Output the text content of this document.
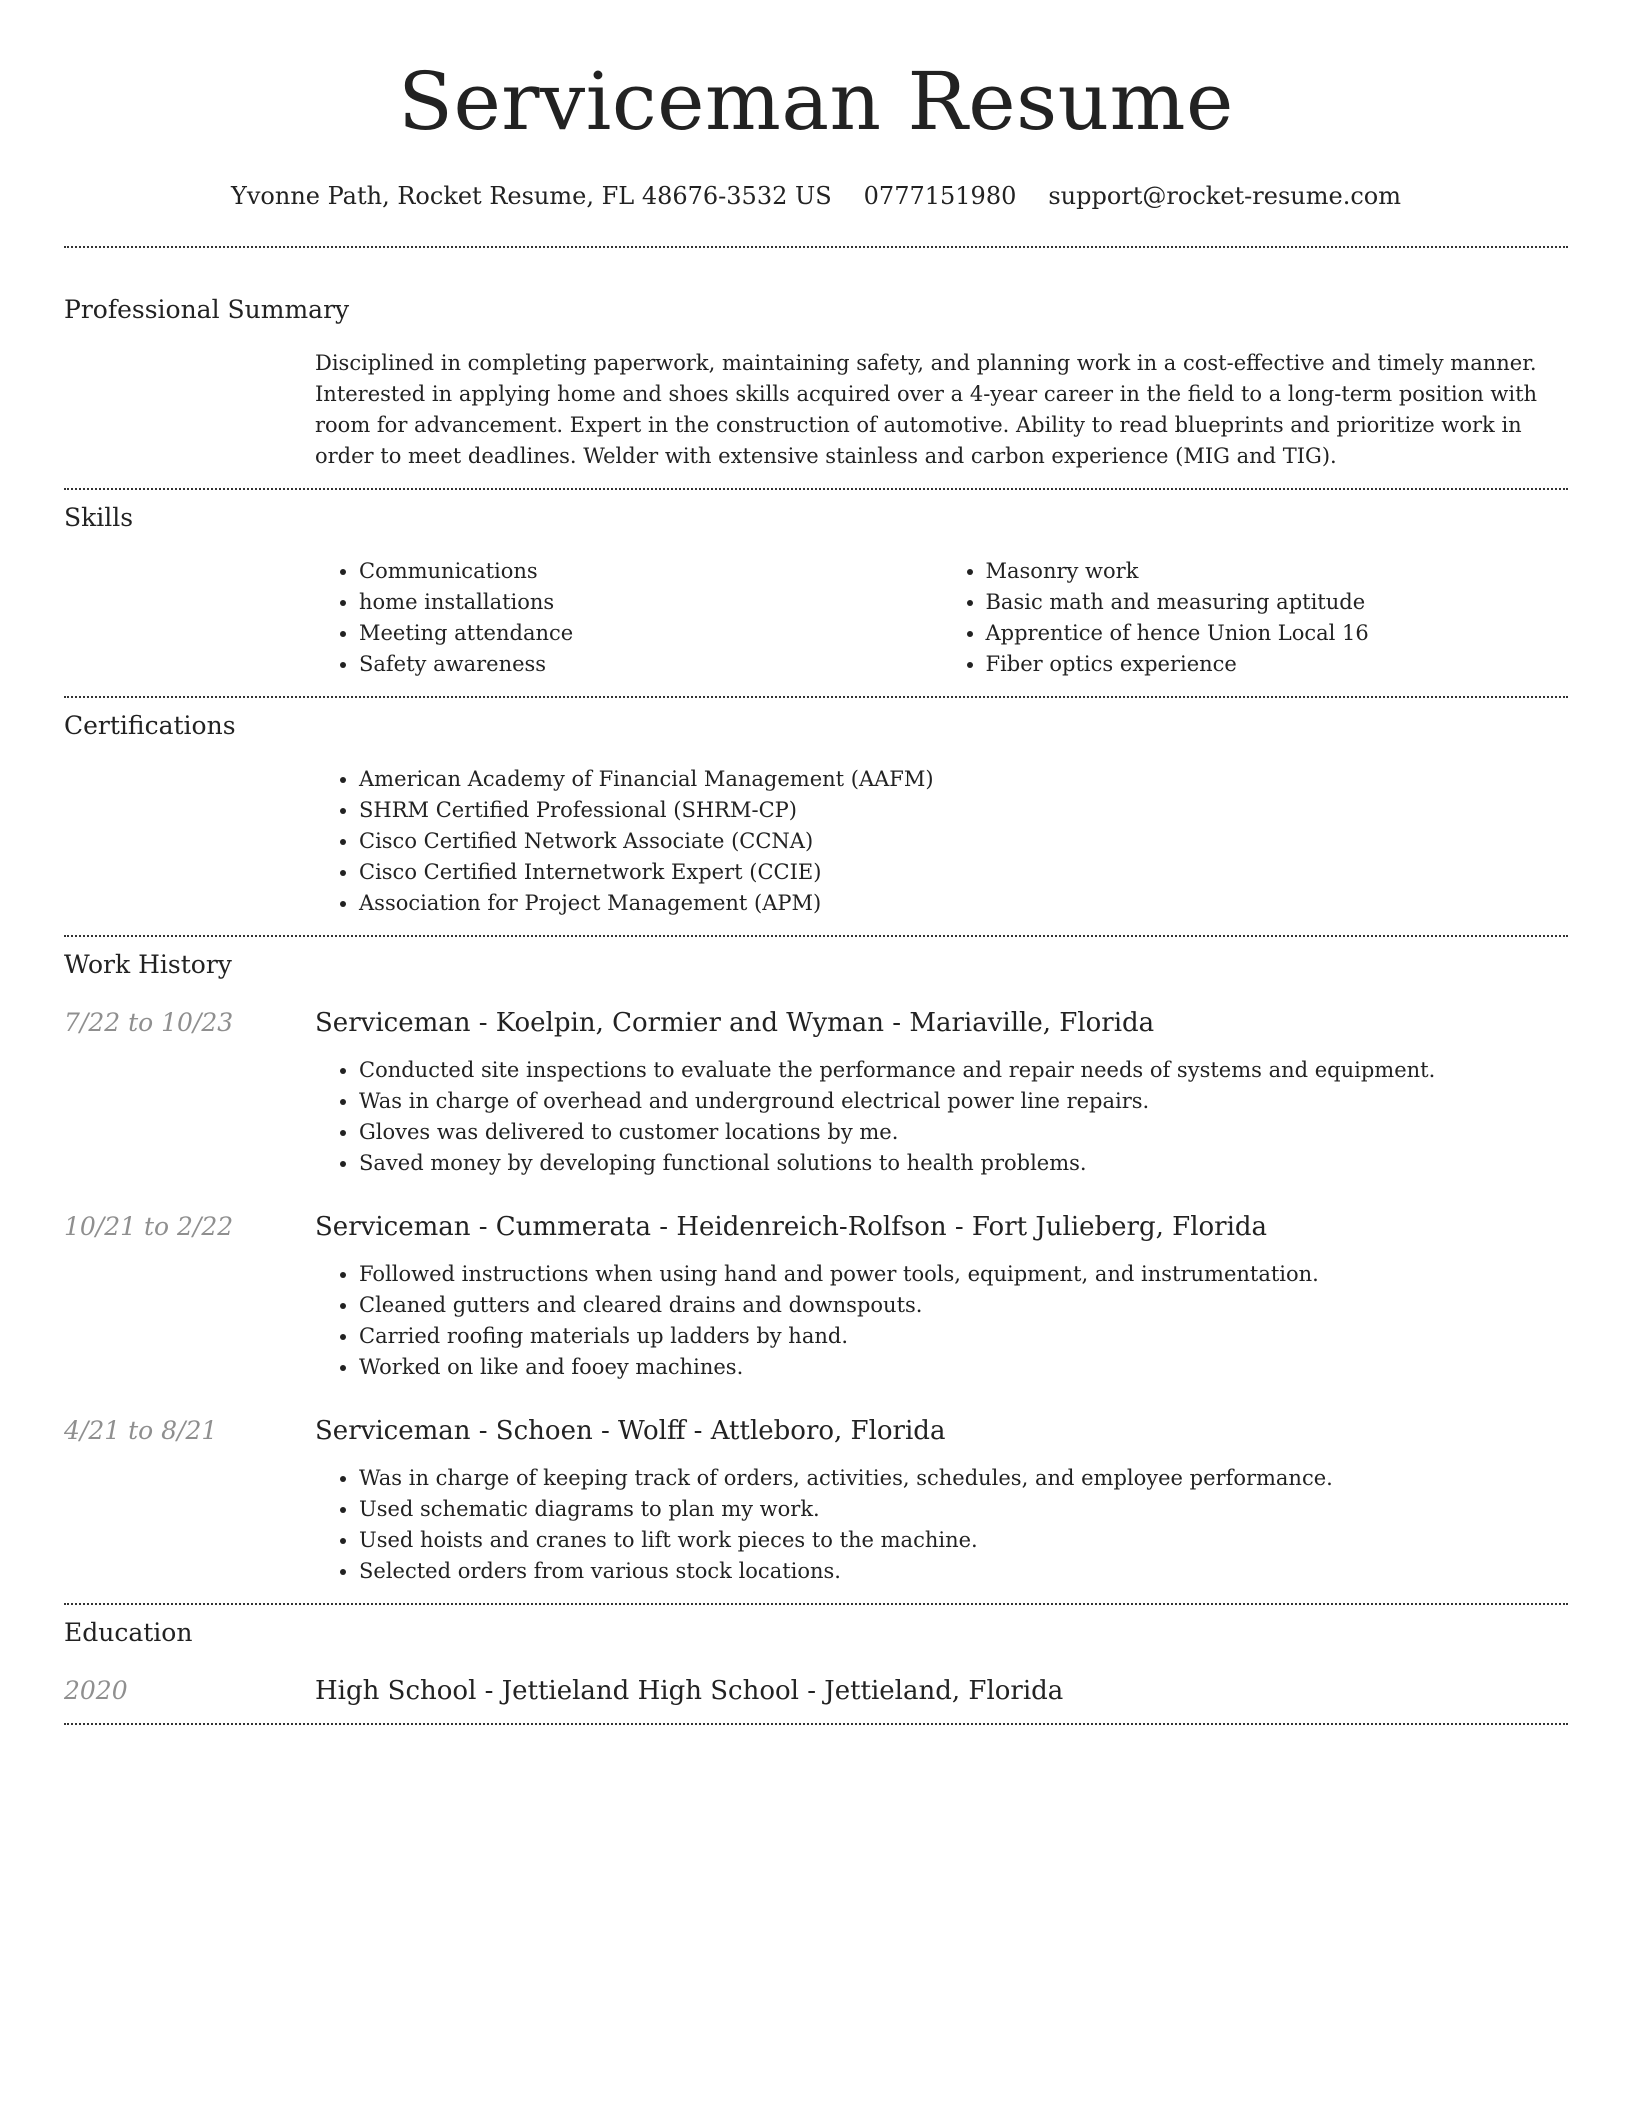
Serviceman Resume
Yvonne Path, Rocket Resume, FL 48676-3532 US 0777151980 support@rocket-resume.com
Professional Summary

Disciplined in completing paperwork, maintaining safety, and planning work in a cost-effective and timely manner. Interested in applying home and shoes skills acquired over a 4-year career in the field to a long-term position with room for advancement. Expert in the construction of automotive. Ability to read blueprints and prioritize work in order to meet deadlines. Welder with extensive stainless and carbon experience (MIG and TIG).

Skills
• Communications
• home installations
• Meeting attendance
• Safety awareness
• Masonry work
• Basic math and measuring aptitude
• Apprentice of hence Union Local 16
• Fiber optics experience
Certifications
• American Academy of Financial Management (AAFM)
• SHRM Certified Professional (SHRM-CP)
• Cisco Certified Network Associate (CCNA)
• Cisco Certified Internetwork Expert (CCIE)
• Association for Project Management (APM)
Work History
7/22 to 10/23	Serviceman - Koelpin, Cormier and Wyman - Mariaville, Florida
• Conducted site inspections to evaluate the performance and repair needs of systems and equipment.
• Was in charge of overhead and underground electrical power line repairs.
• Gloves was delivered to customer locations by me.
• Saved money by developing functional solutions to health problems.
10/21 to 2/22	Serviceman - Cummerata - Heidenreich-Rolfson - Fort Julieberg, Florida
• Followed instructions when using hand and power tools, equipment, and instrumentation.
• Cleaned gutters and cleared drains and downspouts.
• Carried roofing materials up ladders by hand.
• Worked on like and fooey machines.
4/21 to 8/21	Serviceman - Schoen - Wolff - Attleboro, Florida
• Was in charge of keeping track of orders, activities, schedules, and employee performance.
• Used schematic diagrams to plan my work.
• Used hoists and cranes to lift work pieces to the machine.
• Selected orders from various stock locations.
Education
2020	High School - Jettieland High School - Jettieland, Florida
